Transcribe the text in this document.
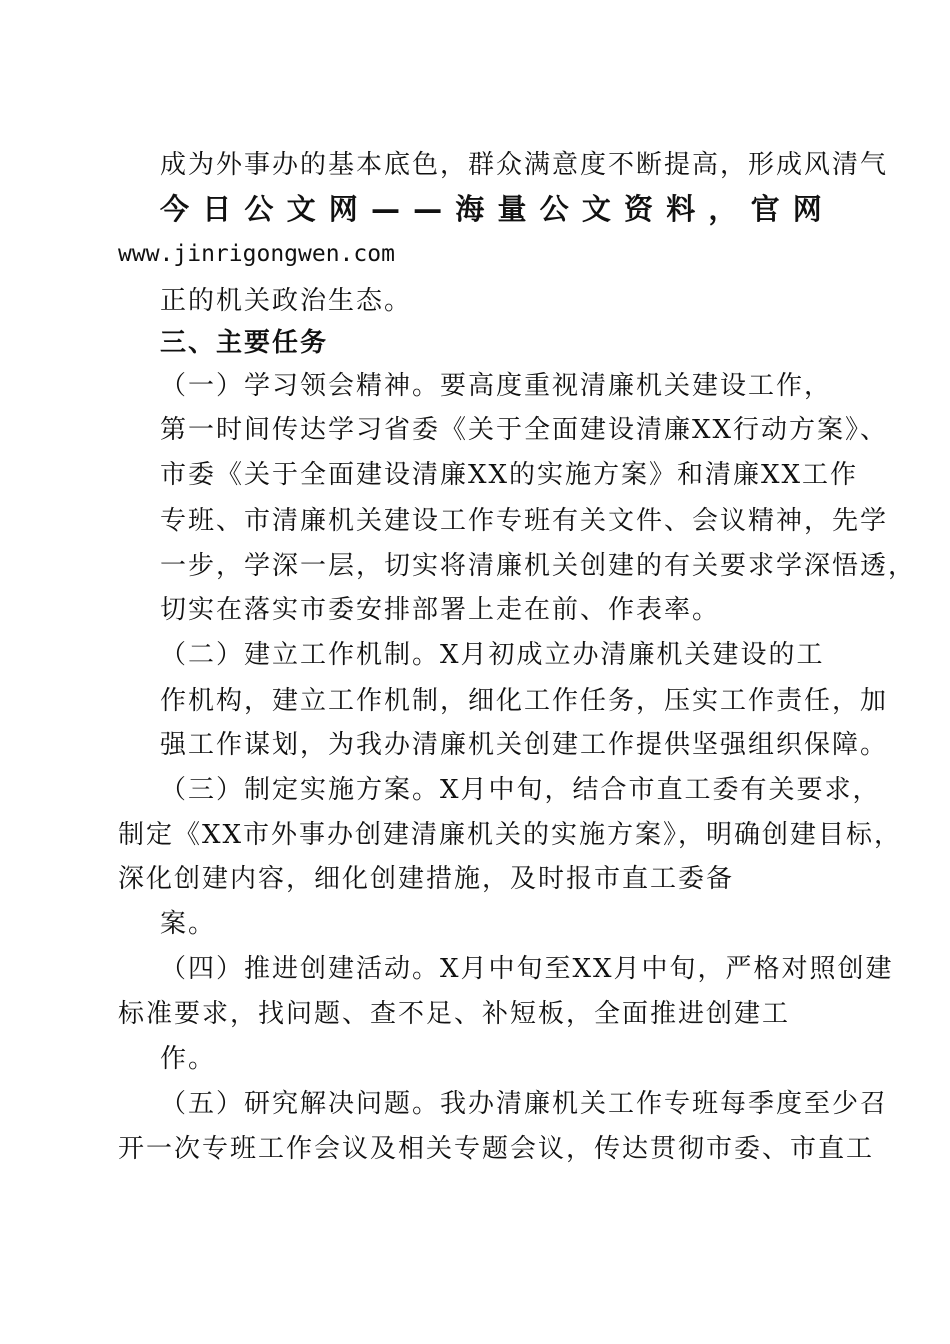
成为外事办的基本底色，群众满意度不断提高，形成风清气
今 日 公 文 网 — — 海 量 公 文 资 料 ， 官 网
www.jinrigongwen.com
正的机关政治生态。
三、主要任务
（一）学习领会精神。要高度重视清廉机关建设工作，
第一时间传达学习省委《关于全面建设清廉XX行动方案》、
市委《关于全面建设清廉XX的实施方案》和清廉XX工作
专班、市清廉机关建设工作专班有关文件、会议精神，先学
一步，学深一层，切实将清廉机关创建的有关要求学深悟透，
切实在落实市委安排部署上走在前、作表率。
（二）建立工作机制。X月初成立办清廉机关建设的工
作机构，建立工作机制，细化工作任务，压实工作责任，加
强工作谋划，为我办清廉机关创建工作提供坚强组织保障。
（三）制定实施方案。X月中旬，结合市直工委有关要求，
制定《XX市外事办创建清廉机关的实施方案》，明确创建目标，
深化创建内容，细化创建措施，及时报市直工委备
案。
（四）推进创建活动。X月中旬至XX月中旬，严格对照创建
标准要求，找问题、查不足、补短板，全面推进创建工
作。
（五）研究解决问题。我办清廉机关工作专班每季度至少召
开一次专班工作会议及相关专题会议，传达贯彻市委、市直工
